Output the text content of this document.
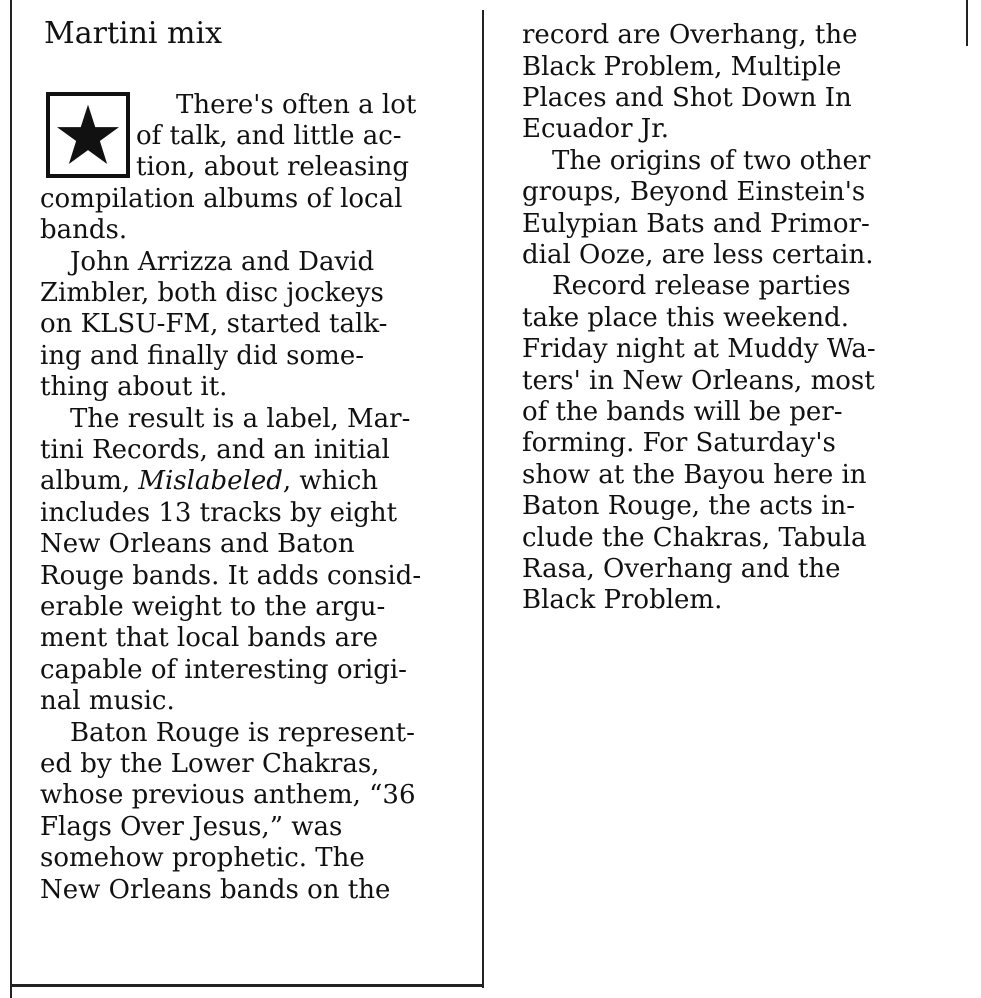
Martini mix
There's often a lot
of talk, and little ac-
tion, about releasing
compilation albums of local
bands.
John Arrizza and David
Zimbler, both disc jockeys
on KLSU-FM, started talk-
ing and finally did some-
thing about it.
The result is a label, Mar-
tini Records, and an initial
album, Mislabeled, which
includes 13 tracks by eight
New Orleans and Baton
Rouge bands. It adds consid-
erable weight to the argu-
ment that local bands are
capable of interesting origi-
nal music.
Baton Rouge is represent-
ed by the Lower Chakras,
whose previous anthem, “36
Flags Over Jesus,” was
somehow prophetic. The
New Orleans bands on the
record are Overhang, the
Black Problem, Multiple
Places and Shot Down In
Ecuador Jr.
The origins of two other
groups, Beyond Einstein's
Eulypian Bats and Primor-
dial Ooze, are less certain.
Record release parties
take place this weekend.
Friday night at Muddy Wa-
ters' in New Orleans, most
of the bands will be per-
forming. For Saturday's
show at the Bayou here in
Baton Rouge, the acts in-
clude the Chakras, Tabula
Rasa, Overhang and the
Black Problem.
